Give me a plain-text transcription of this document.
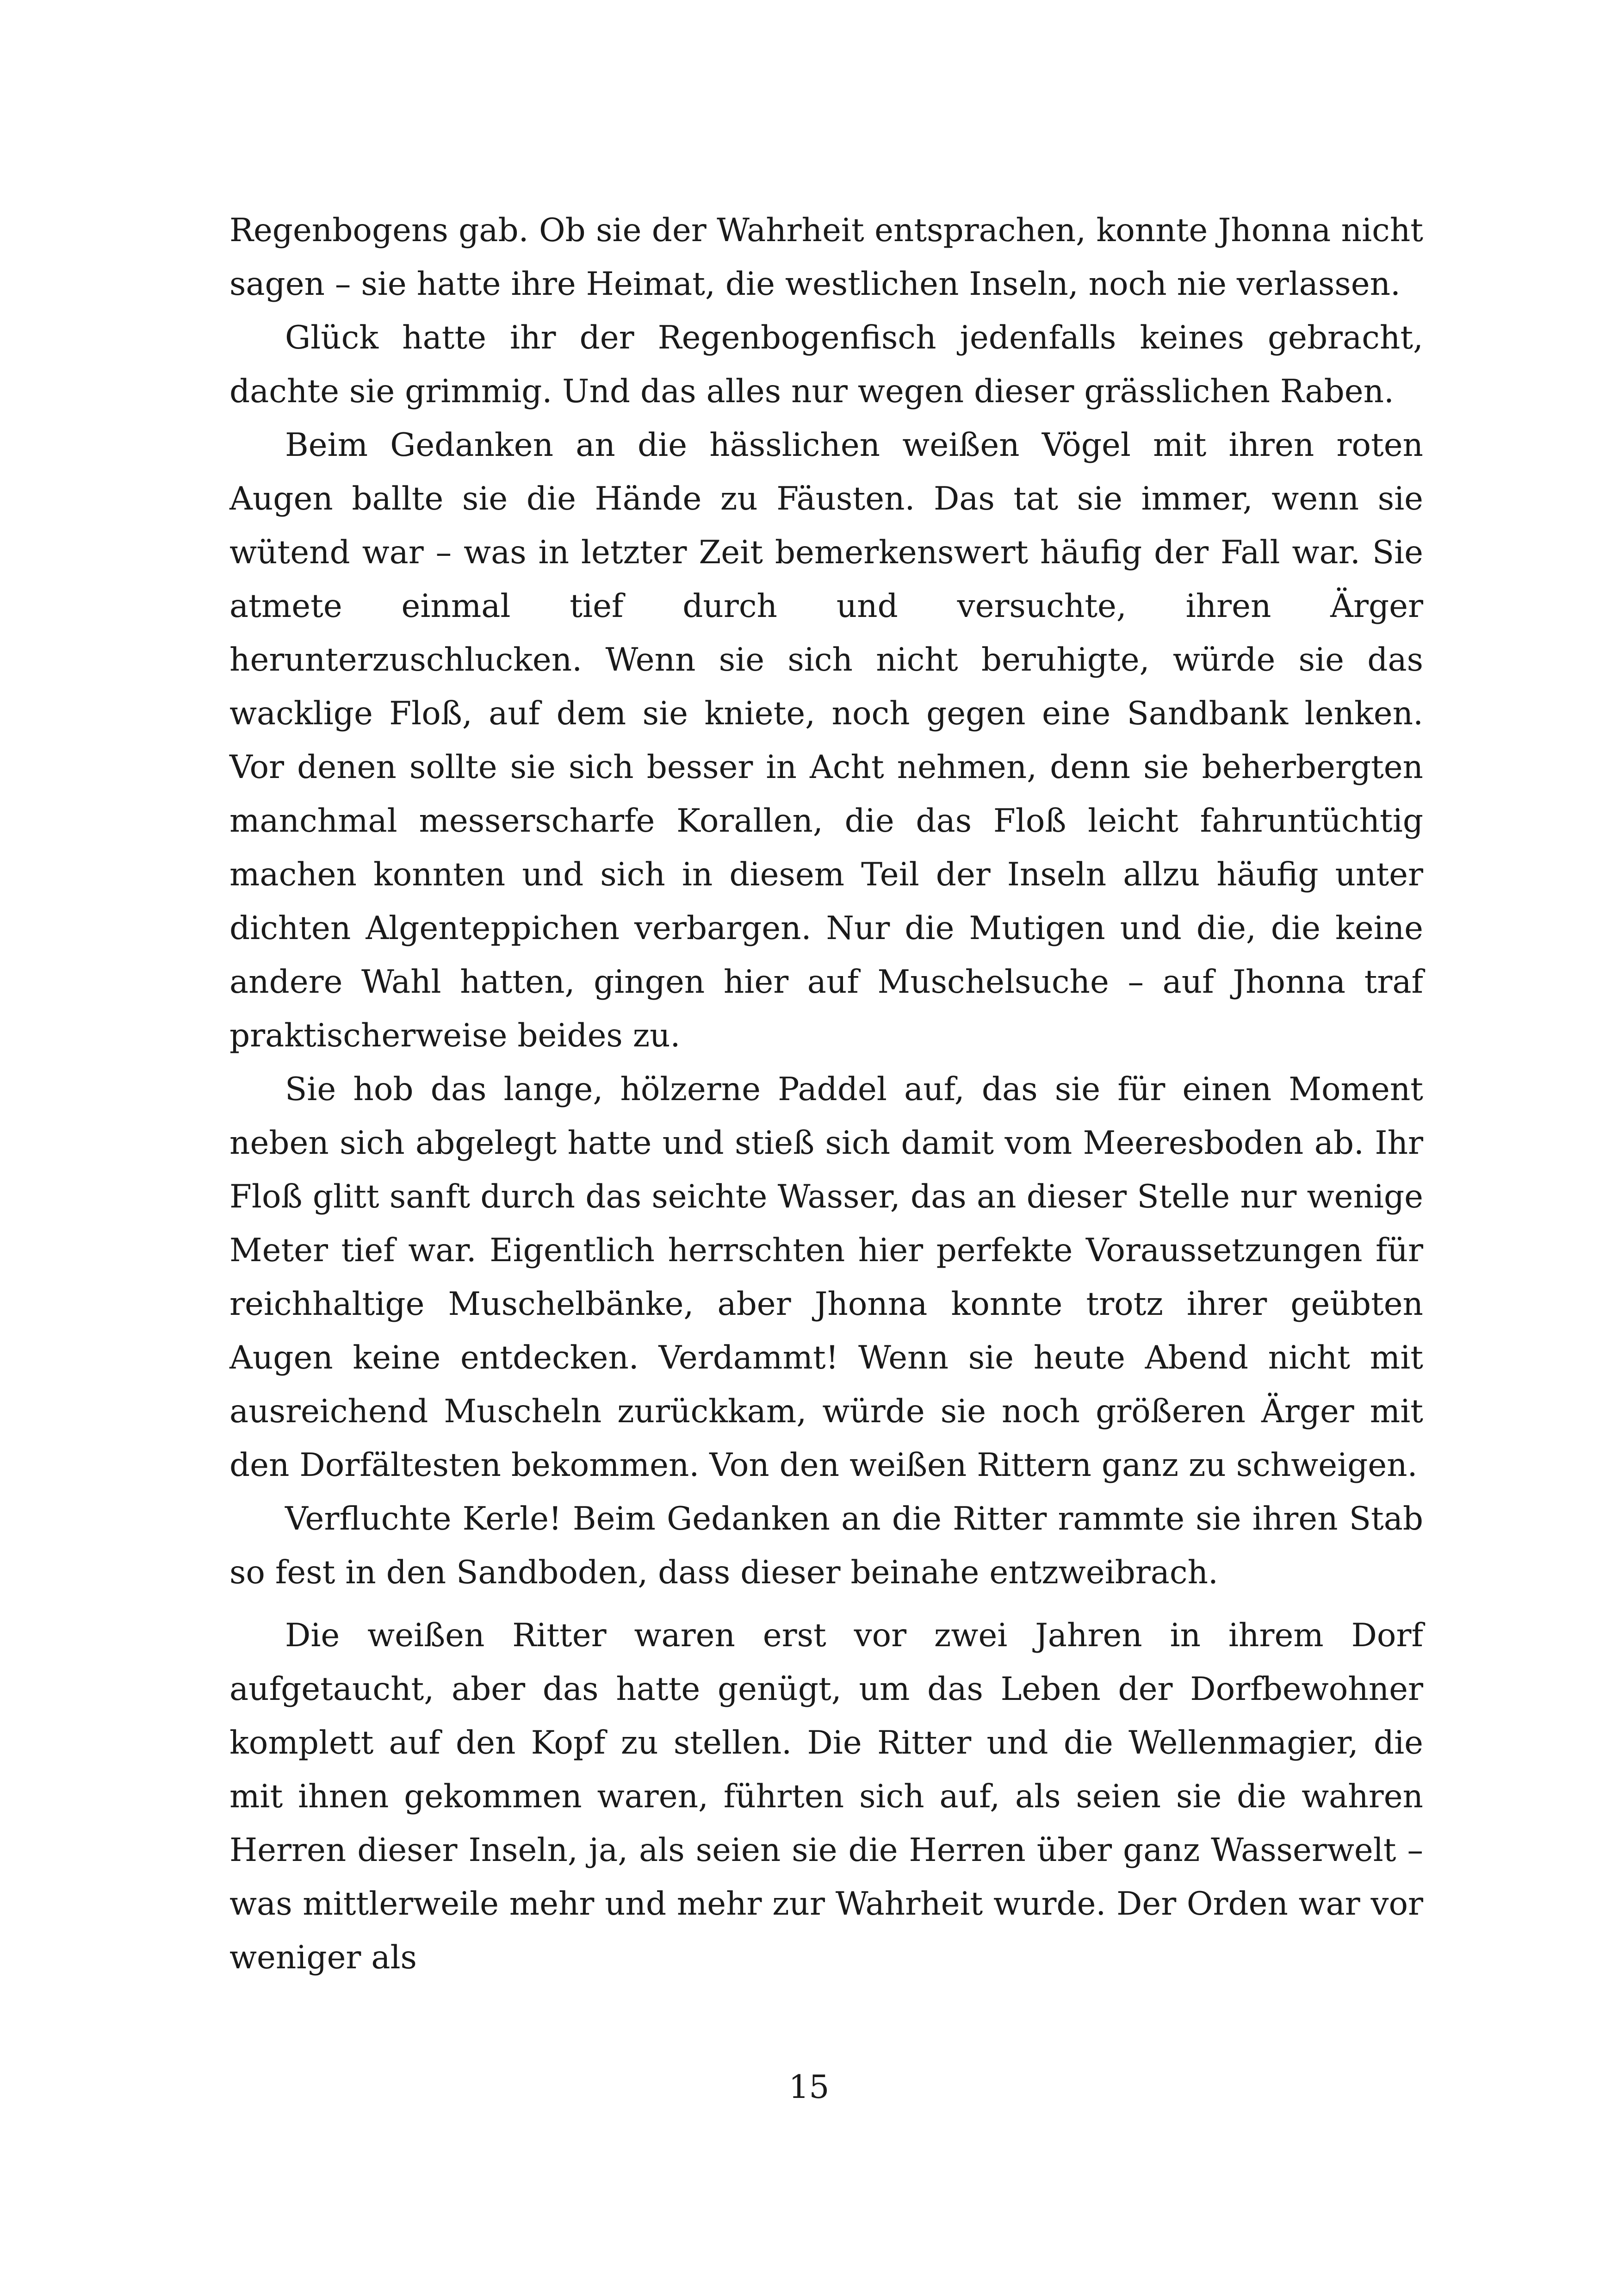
Regenbogens gab. Ob sie der Wahrheit entsprachen, konnte Jhonna nicht sagen – sie hatte ihre Heimat, die westlichen Inseln, noch nie verlassen.

Glück hatte ihr der Regenbogenfisch jedenfalls keines gebracht, dachte sie grimmig. Und das alles nur wegen dieser grässlichen Raben.

Beim Gedanken an die hässlichen weißen Vögel mit ihren roten Augen ballte sie die Hände zu Fäusten. Das tat sie immer, wenn sie wütend war – was in letzter Zeit bemerkenswert häufig der Fall war. Sie atmete einmal tief durch und versuchte, ihren Ärger herunterzuschlucken. Wenn sie sich nicht beruhigte, würde sie das wacklige Floß, auf dem sie kniete, noch gegen eine Sandbank lenken. Vor denen sollte sie sich besser in Acht nehmen, denn sie beherbergten manchmal messerscharfe Korallen, die das Floß leicht fahruntüchtig machen konnten und sich in diesem Teil der Inseln allzu häufig unter dichten Algenteppichen verbargen. Nur die Mutigen und die, die keine andere Wahl hatten, gingen hier auf Muschelsuche – auf Jhonna traf praktischerweise beides zu.

Sie hob das lange, hölzerne Paddel auf, das sie für einen Moment neben sich abgelegt hatte und stieß sich damit vom Meeresboden ab. Ihr Floß glitt sanft durch das seichte Wasser, das an dieser Stelle nur wenige Meter tief war. Eigentlich herrschten hier perfekte Voraussetzungen für reichhaltige Muschelbänke, aber Jhonna konnte trotz ihrer geübten Augen keine entdecken. Verdammt! Wenn sie heute Abend nicht mit ausreichend Muscheln zurückkam, würde sie noch größeren Ärger mit den Dorfältesten bekommen. Von den weißen Rittern ganz zu schweigen.

Verfluchte Kerle! Beim Gedanken an die Ritter rammte sie ihren Stab so fest in den Sandboden, dass dieser beinahe entzweibrach.

Die weißen Ritter waren erst vor zwei Jahren in ihrem Dorf aufgetaucht, aber das hatte genügt, um das Leben der Dorfbewohner komplett auf den Kopf zu stellen. Die Ritter und die Wellenmagier, die mit ihnen gekommen waren, führten sich auf, als seien sie die wahren Herren dieser Inseln, ja, als seien sie die Herren über ganz Wasserwelt – was mittlerweile mehr und mehr zur Wahrheit wurde. Der Orden war vor weniger als

15
